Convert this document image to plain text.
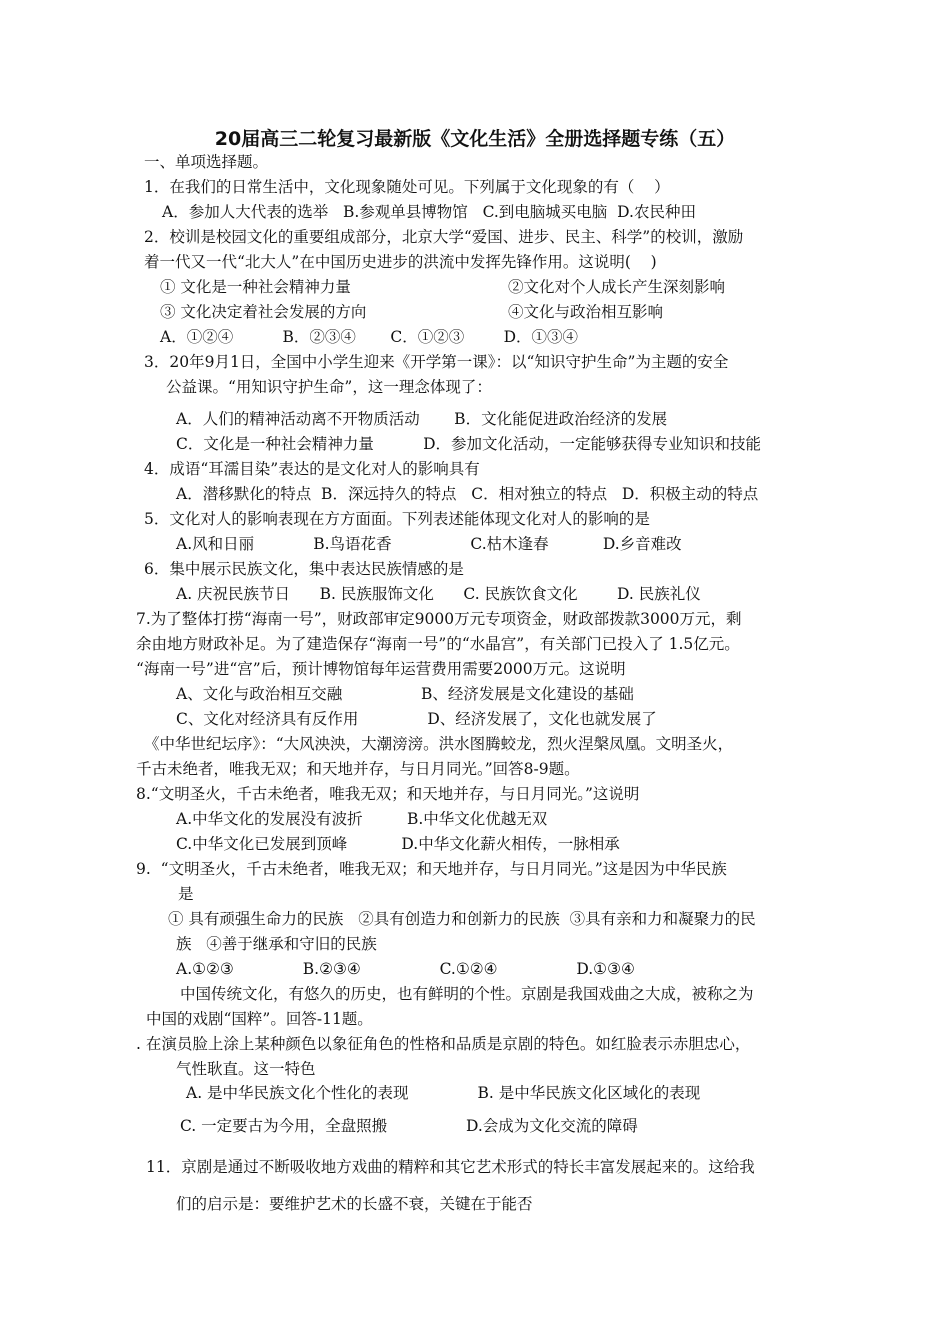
20届高三二轮复习最新版《文化生活》全册选择题专练（五）
一、单项选择题。
1．在我们的日常生活中，文化现象随处可见。下列属于文化现象的有（    ）
A．参加人大代表的选举   B.参观单县博物馆   C.到电脑城买电脑  D.农民种田
2．校训是校园文化的重要组成部分，北京大学“爱国、进步、民主、科学”的校训，激励
着一代又一代“北大人”在中国历史进步的洪流中发挥先锋作用。这说明(    )
① 文化是一种社会精神力量	②文化对个人成长产生深刻影响
③ 文化决定着社会发展的方向	④文化与政治相互影响
A．①②④          B．②③④       C．①②③        D．①③④
3．20年9月1日，全国中小学生迎来《开学第一课》：以“知识守护生命”为主题的安全
公益课。“用知识守护生命”，这一理念体现了：
A．人们的精神活动离不开物质活动       B．文化能促进政治经济的发展
C．文化是一种社会精神力量          D．参加文化活动，一定能够获得专业知识和技能
4．成语“耳濡目染”表达的是文化对人的影响具有
A．潜移默化的特点  B．深远持久的特点   C．相对独立的特点   D．积极主动的特点
5．文化对人的影响表现在方方面面。下列表述能体现文化对人的影响的是
A.风和日丽            B.鸟语花香                C.枯木逢春           D.乡音难改
6．集中展示民族文化，集中表达民族情感的是
A. 庆祝民族节日      B. 民族服饰文化      C. 民族饮食文化        D. 民族礼仪
7.为了整体打捞“海南一号”，财政部审定9000万元专项资金，财政部拨款3000万元，剩
余由地方财政补足。为了建造保存“海南一号”的“水晶宫”，有关部门已投入了 1.5亿元。
“海南一号”进“宫”后，预计博物馆每年运营费用需要2000万元。这说明
A、文化与政治相互交融                B、经济发展是文化建设的基础
C、文化对经济具有反作用              D、经济发展了，文化也就发展了
《中华世纪坛序》：“大风泱泱，大潮滂滂。洪水图腾蛟龙，烈火涅槃凤凰。文明圣火，
千古未绝者，唯我无双；和天地并存，与日月同光。”回答8-9题。
8.“文明圣火，千古未绝者，唯我无双；和天地并存，与日月同光。”这说明
A.中华文化的发展没有波折         B.中华文化优越无双
C.中华文化已发展到顶峰           D.中华文化薪火相传，一脉相承
9.  “文明圣火，千古未绝者，唯我无双；和天地并存，与日月同光。”这是因为中华民族
是
① 具有顽强生命力的民族   ②具有创造力和创新力的民族  ③具有亲和力和凝聚力的民
族   ④善于继承和守旧的民族
A.①②③              B.②③④                C.①②④                D.①③④
中国传统文化，有悠久的历史，也有鲜明的个性。京剧是我国戏曲之大成，被称之为
中国的戏剧“国粹”。回答-11题。
. 在演员脸上涂上某种颜色以象征角色的性格和品质是京剧的特色。如红脸表示赤胆忠心，
气性耿直。这一特色
A. 是中华民族文化个性化的表现              B. 是中华民族文化区域化的表现
C. 一定要古为今用，全盘照搬                D.会成为文化交流的障碍
11．京剧是通过不断吸收地方戏曲的精粹和其它艺术形式的特长丰富发展起来的。这给我
们的启示是：要维护艺术的长盛不衰，关键在于能否
